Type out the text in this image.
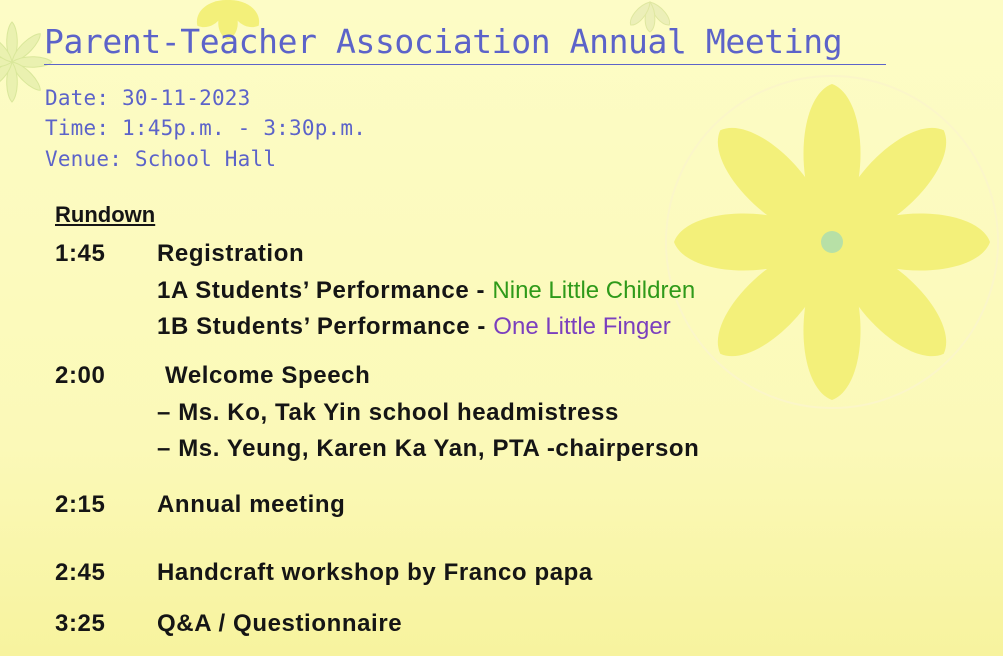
Parent-Teacher Association Annual Meeting
Date: 30-11-2023
Time: 1:45p.m. - 3:30p.m.
Venue: School Hall
Rundown
1:45 Registration
1A Students’ Performance - Nine Little Children
1B Students’ Performance - One Little Finger
2:00 Welcome Speech
– Ms. Ko, Tak Yin school headmistress
– Ms. Yeung, Karen Ka Yan, PTA -chairperson
2:15 Annual meeting
2:45 Handcraft workshop by Franco papa
3:25 Q&A / Questionnaire
